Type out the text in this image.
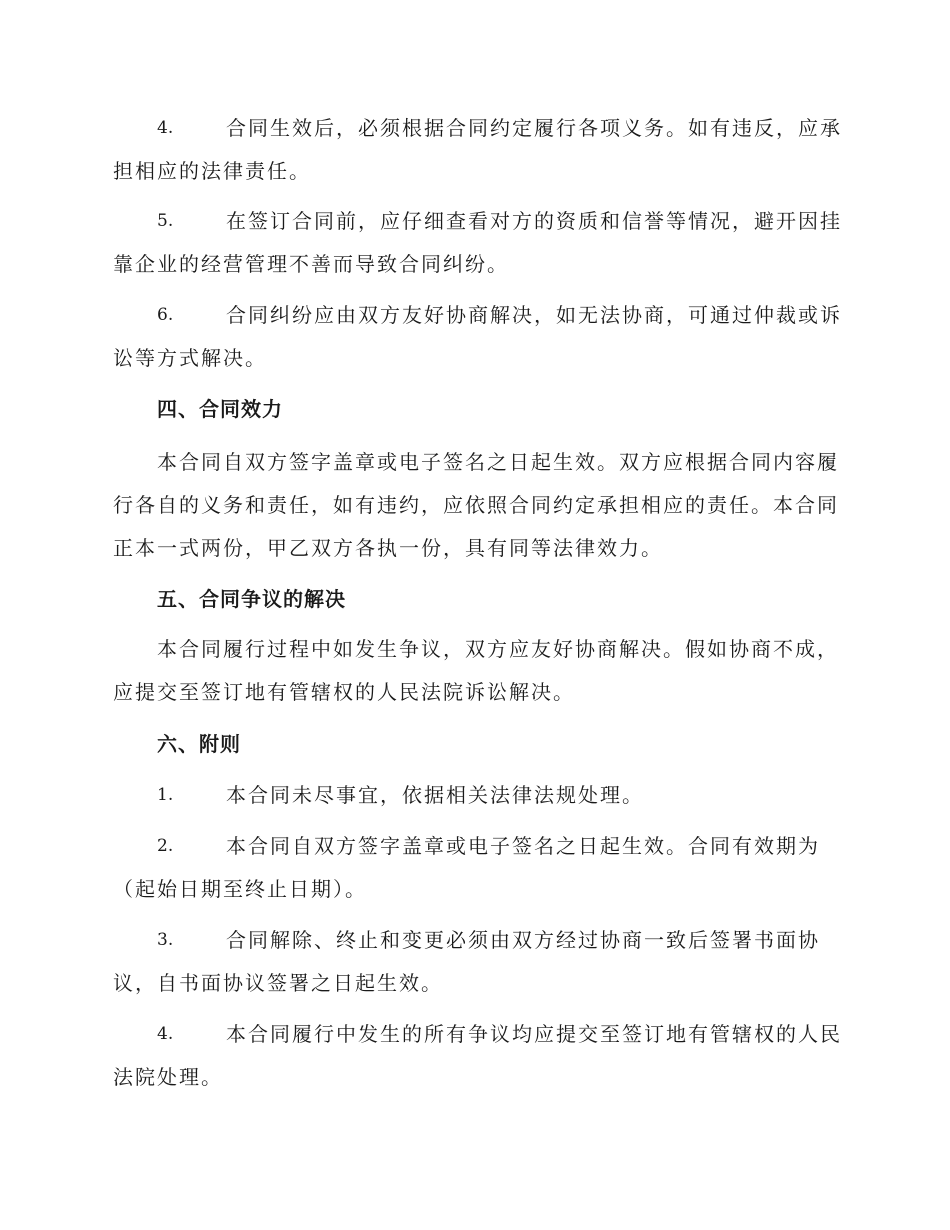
4.	合同生效后，必须根据合同约定履行各项义务。如有违反，应承
担相应的法律责任。
5.	在签订合同前，应仔细查看对方的资质和信誉等情况，避开因挂
靠企业的经营管理不善而导致合同纠纷。
6.	合同纠纷应由双方友好协商解决，如无法协商，可通过仲裁或诉
讼等方式解决。
四、合同效力
本合同自双方签字盖章或电子签名之日起生效。双方应根据合同内容履
行各自的义务和责任，如有违约，应依照合同约定承担相应的责任。本合同
正本一式两份，甲乙双方各执一份，具有同等法律效力。
五、合同争议的解决
本合同履行过程中如发生争议，双方应友好协商解决。假如协商不成，
应提交至签订地有管辖权的人民法院诉讼解决。
六、附则
1.	本合同未尽事宜，依据相关法律法规处理。
2.	本合同自双方签字盖章或电子签名之日起生效。合同有效期为
（起始日期至终止日期）。
3.	合同解除、终止和变更必须由双方经过协商一致后签署书面协
议，自书面协议签署之日起生效。
4.	本合同履行中发生的所有争议均应提交至签订地有管辖权的人民
法院处理。
